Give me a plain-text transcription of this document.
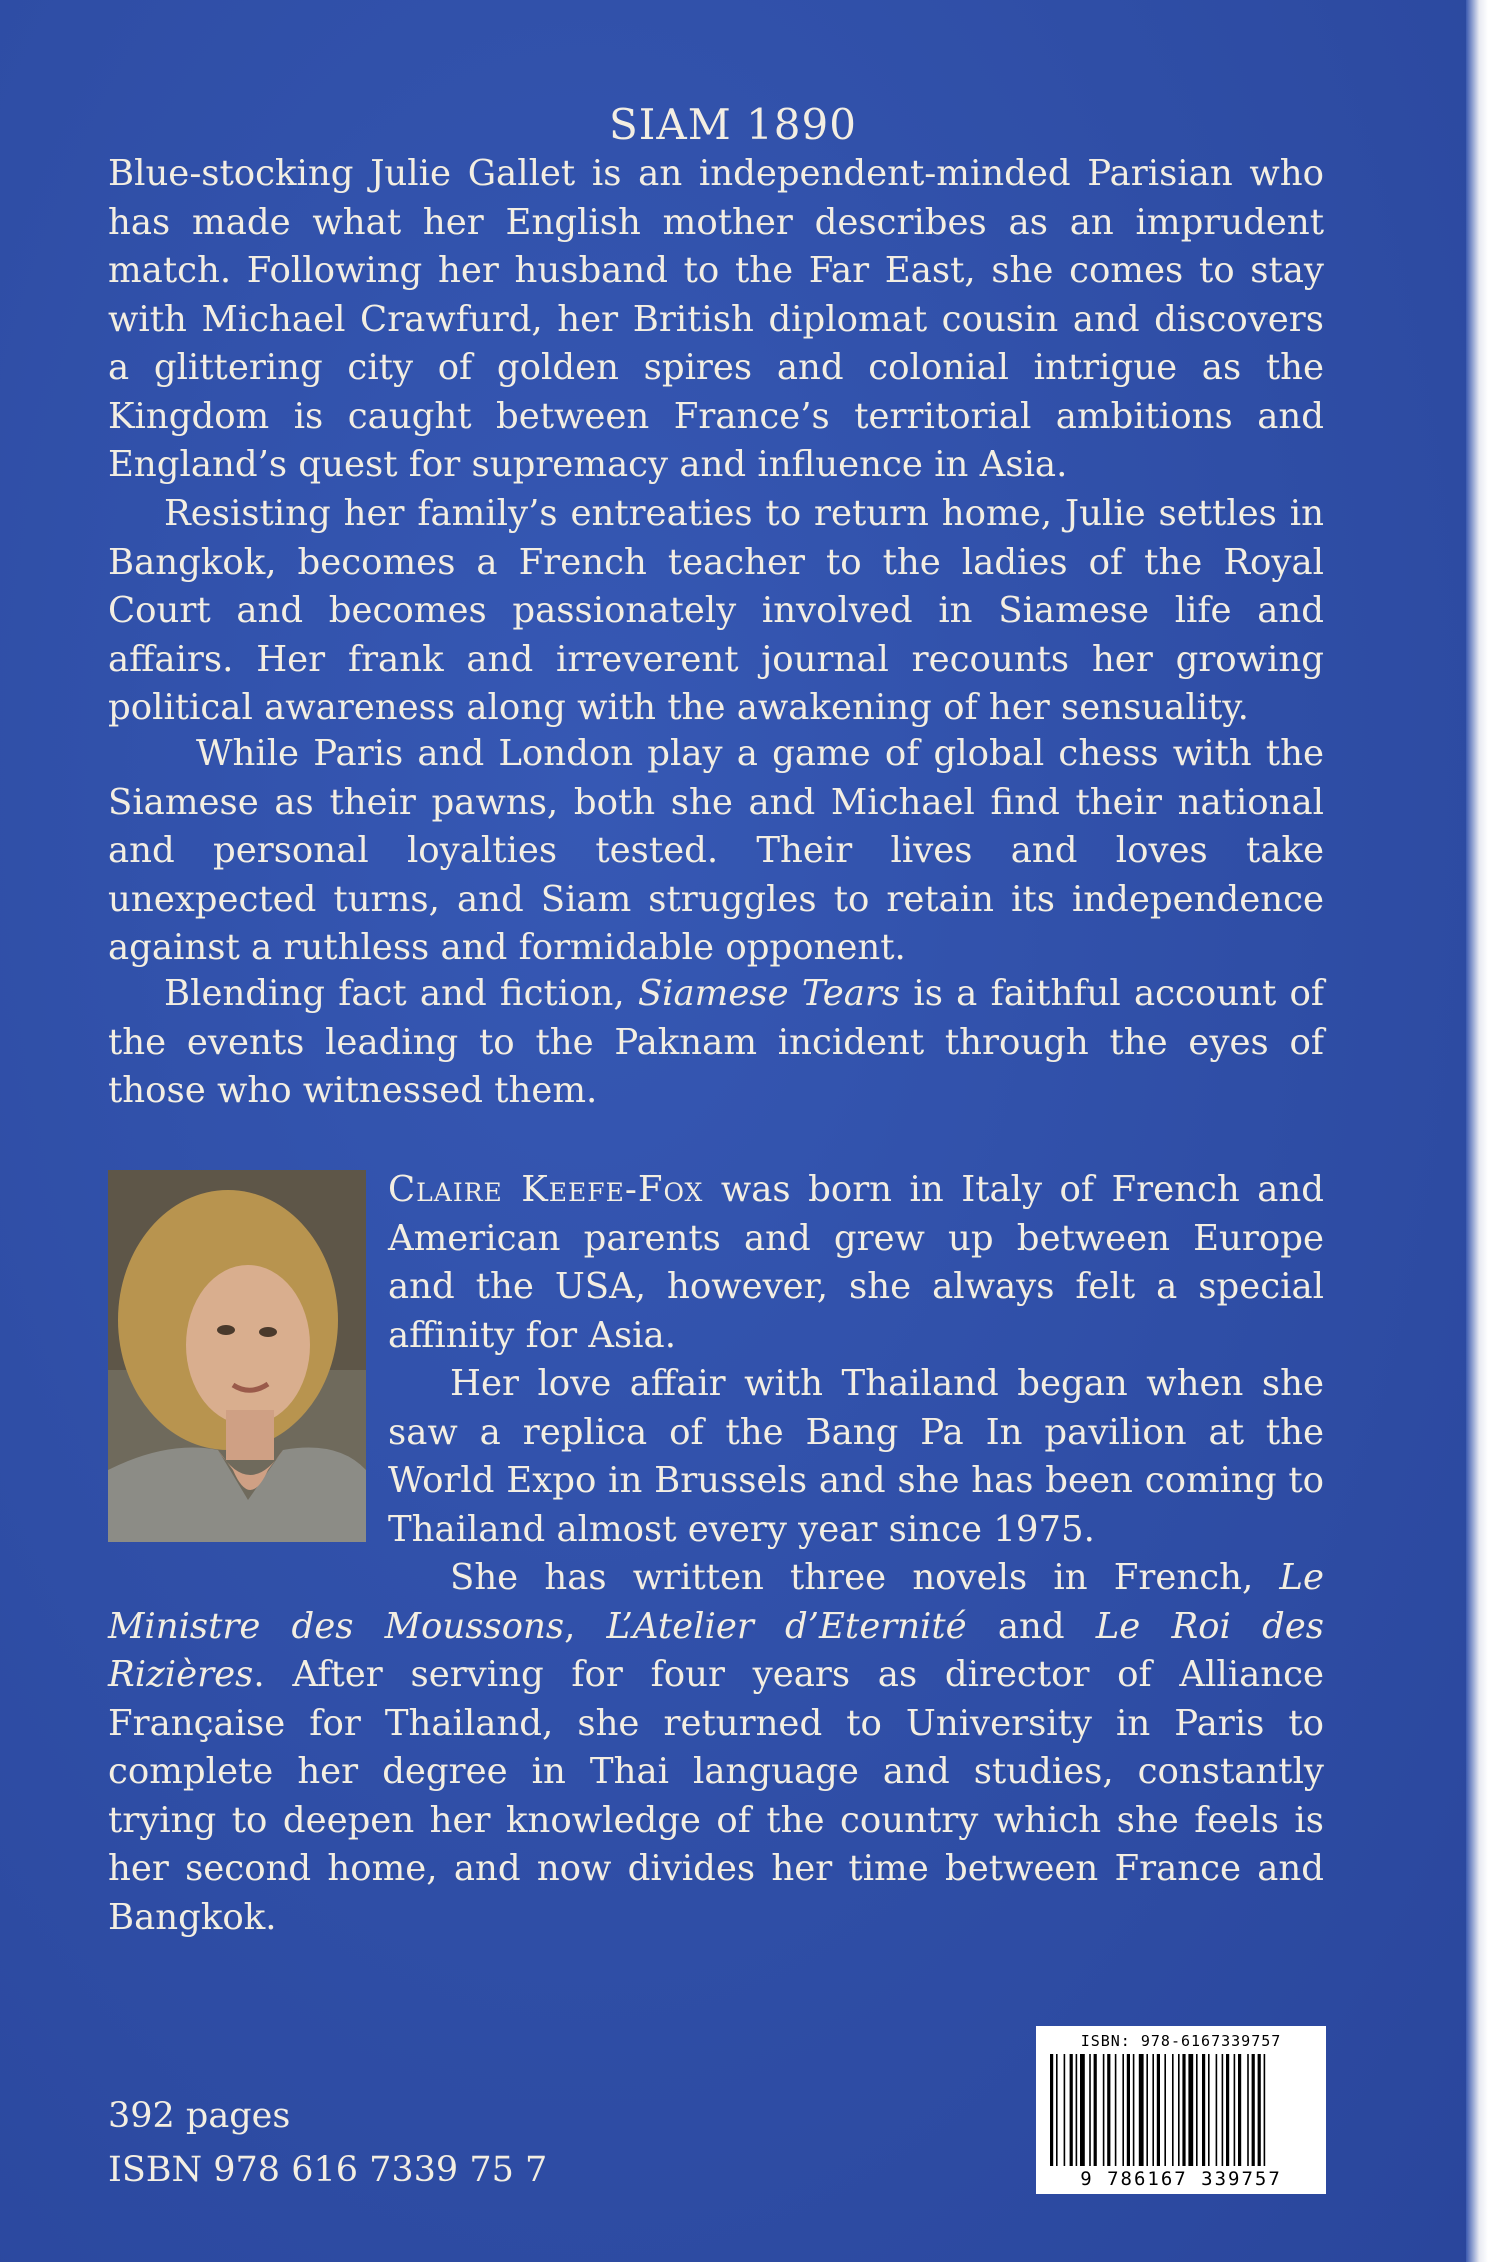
SIAM 1890

Blue-stocking Julie Gallet is an independent-minded Parisian who has made what her English mother describes as an imprudent match. Following her husband to the Far East, she comes to stay with Michael Crawfurd, her British diplomat cousin and discovers a glittering city of golden spires and colonial intrigue as the Kingdom is caught between France’s territorial ambitions and England’s quest for supremacy and influence in Asia.

Resisting her family’s entreaties to return home, Julie settles in Bangkok, becomes a French teacher to the ladies of the Royal Court and becomes passionately involved in Siamese life and affairs. Her frank and irreverent journal recounts her growing political awareness along with the awakening of her sensuality.

While Paris and London play a game of global chess with the Siamese as their pawns, both she and Michael find their national and personal loyalties tested. Their lives and loves take unexpected turns, and Siam struggles to retain its independence against a ruthless and formidable opponent.

Blending fact and fiction, Siamese Tears is a faithful account of the events leading to the Paknam incident through the eyes of those who witnessed them.

Claire Keefe-Fox was born in Italy of French and American parents and grew up between Europe and the USA, however, she always felt a special affinity for Asia.

Her love affair with Thailand began when she saw a replica of the Bang Pa In pavilion at the World Expo in Brussels and she has been coming to Thailand almost every year since 1975.

She has written three novels in French, Le Ministre des Moussons, L’Atelier d’Eternité and Le Roi des Rizières. After serving for four years as director of Alliance Française for Thailand, she returned to University in Paris to complete her degree in Thai language and studies, constantly trying to deepen her knowledge of the country which she feels is her second home, and now divides her time between France and Bangkok.

392 pages
ISBN 978 616 7339 75 7
ISBN: 978-6167339757
9 786167 339757
